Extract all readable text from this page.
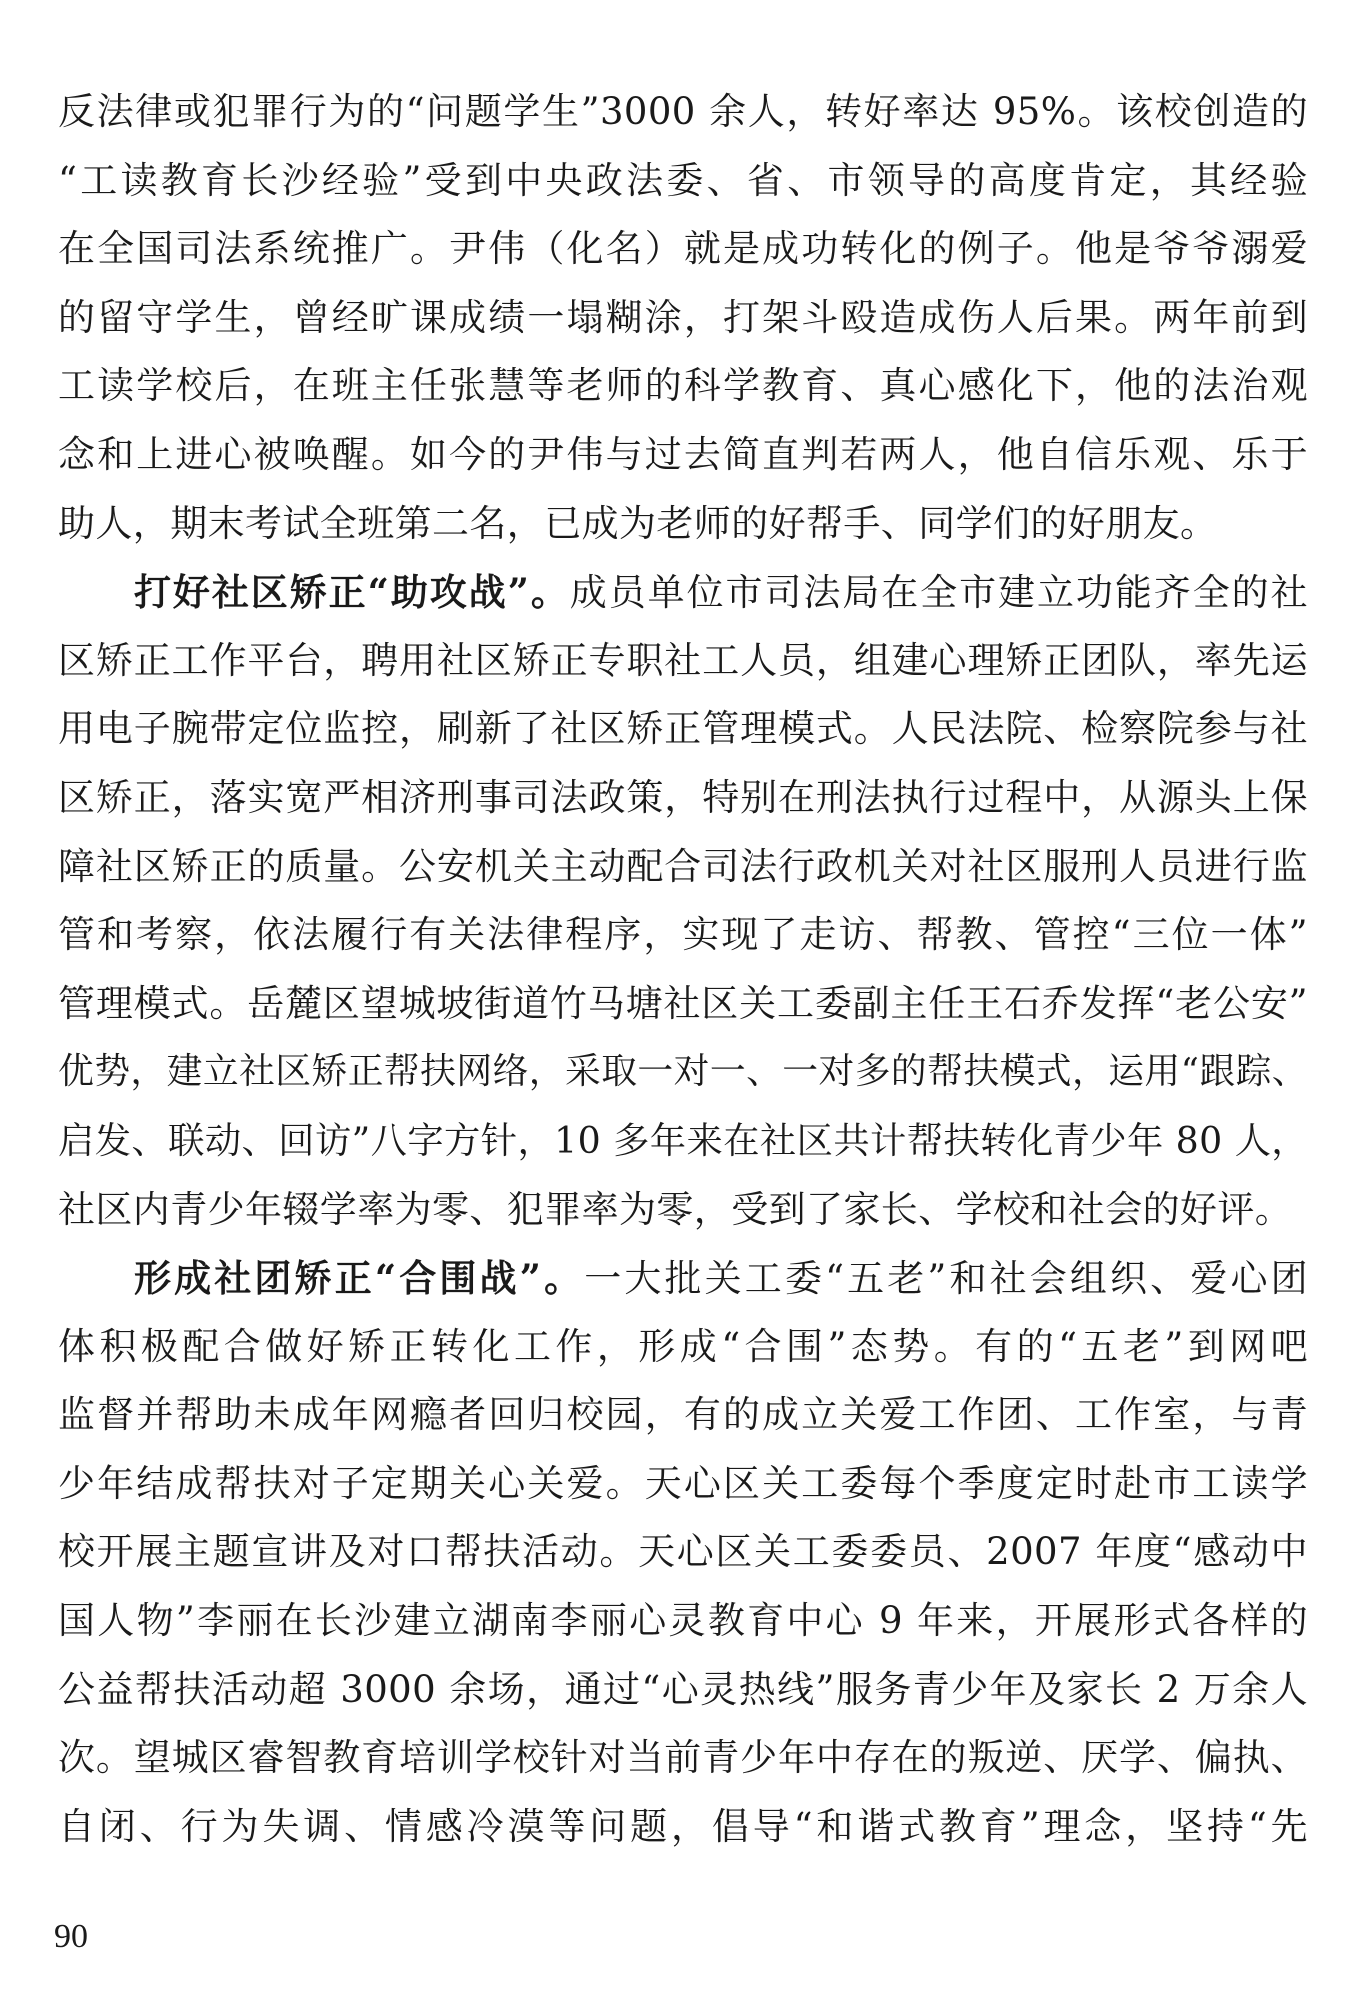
反法律或犯罪行为的“问题学生”3000 余人，转好率达 95%。该校创造的
“工读教育长沙经验”受到中央政法委、省、市领导的高度肯定，其经验
在全国司法系统推广。尹伟（化名）就是成功转化的例子。他是爷爷溺爱
的留守学生，曾经旷课成绩一塌糊涂，打架斗殴造成伤人后果。两年前到
工读学校后，在班主任张慧等老师的科学教育、真心感化下，他的法治观
念和上进心被唤醒。如今的尹伟与过去简直判若两人，他自信乐观、乐于
助人，期末考试全班第二名，已成为老师的好帮手、同学们的好朋友。
打好社区矫正“助攻战”。成员单位市司法局在全市建立功能齐全的社
区矫正工作平台，聘用社区矫正专职社工人员，组建心理矫正团队，率先运
用电子腕带定位监控，刷新了社区矫正管理模式。人民法院、检察院参与社
区矫正，落实宽严相济刑事司法政策，特别在刑法执行过程中，从源头上保
障社区矫正的质量。公安机关主动配合司法行政机关对社区服刑人员进行监
管和考察，依法履行有关法律程序，实现了走访、帮教、管控“三位一体”
管理模式。岳麓区望城坡街道竹马塘社区关工委副主任王石乔发挥“老公安”
优势，建立社区矫正帮扶网络，采取一对一、一对多的帮扶模式，运用“跟踪、
启发、联动、回访”八字方针，10 多年来在社区共计帮扶转化青少年 80 人，
社区内青少年辍学率为零、犯罪率为零，受到了家长、学校和社会的好评。
形成社团矫正“合围战”。一大批关工委“五老”和社会组织、爱心团
体积极配合做好矫正转化工作，形成“合围”态势。有的“五老”到网吧
监督并帮助未成年网瘾者回归校园，有的成立关爱工作团、工作室，与青
少年结成帮扶对子定期关心关爱。天心区关工委每个季度定时赴市工读学
校开展主题宣讲及对口帮扶活动。天心区关工委委员、2007 年度“感动中
国人物”李丽在长沙建立湖南李丽心灵教育中心 9 年来，开展形式各样的
公益帮扶活动超 3000 余场，通过“心灵热线”服务青少年及家长 2 万余人
次。望城区睿智教育培训学校针对当前青少年中存在的叛逆、厌学、偏执、
自闭、行为失调、情感冷漠等问题，倡导“和谐式教育”理念，坚持“先
90
